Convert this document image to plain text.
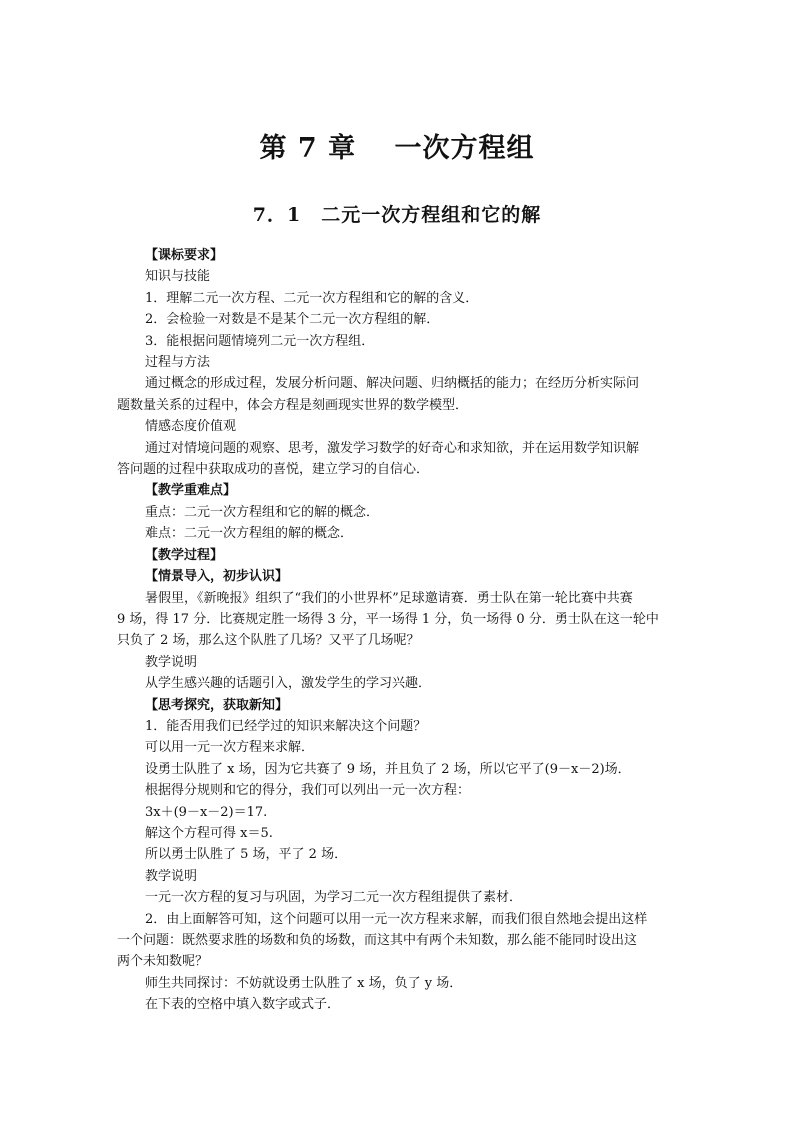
第 7 章　 一次方程组
7．1　二元一次方程组和它的解
【课标要求】
知识与技能
1．理解二元一次方程、二元一次方程组和它的解的含义．
2．会检验一对数是不是某个二元一次方程组的解．
3．能根据问题情境列二元一次方程组．
过程与方法
通过概念的形成过程，发展分析问题、解决问题、归纳概括的能力；在经历分析实际问
题数量关系的过程中，体会方程是刻画现实世界的数学模型．
情感态度价值观
通过对情境问题的观察、思考，激发学习数学的好奇心和求知欲，并在运用数学知识解
答问题的过程中获取成功的喜悦，建立学习的自信心．
【教学重难点】
重点：二元一次方程组和它的解的概念．
难点：二元一次方程组的解的概念．
【教学过程】
【情景导入，初步认识】
暑假里，《新晚报》组织了“我们的小世界杯”足球邀请赛．勇士队在第一轮比赛中共赛
9 场，得 17 分．比赛规定胜一场得 3 分，平一场得 1 分，负一场得 0 分．勇士队在这一轮中
只负了 2 场，那么这个队胜了几场？又平了几场呢？
教学说明
从学生感兴趣的话题引入，激发学生的学习兴趣．
【思考探究，获取新知】
1．能否用我们已经学过的知识来解决这个问题？
可以用一元一次方程来求解．
设勇士队胜了 x 场，因为它共赛了 9 场，并且负了 2 场，所以它平了(9－x－2)场．
根据得分规则和它的得分，我们可以列出一元一次方程：
3x＋(9－x－2)＝17.
解这个方程可得 x＝5.
所以勇士队胜了 5 场，平了 2 场．
教学说明
一元一次方程的复习与巩固，为学习二元一次方程组提供了素材．
2．由上面解答可知，这个问题可以用一元一次方程来求解，而我们很自然地会提出这样
一个问题：既然要求胜的场数和负的场数，而这其中有两个未知数，那么能不能同时设出这
两个未知数呢？
师生共同探讨：不妨就设勇士队胜了 x 场，负了 y 场．
在下表的空格中填入数字或式子．
